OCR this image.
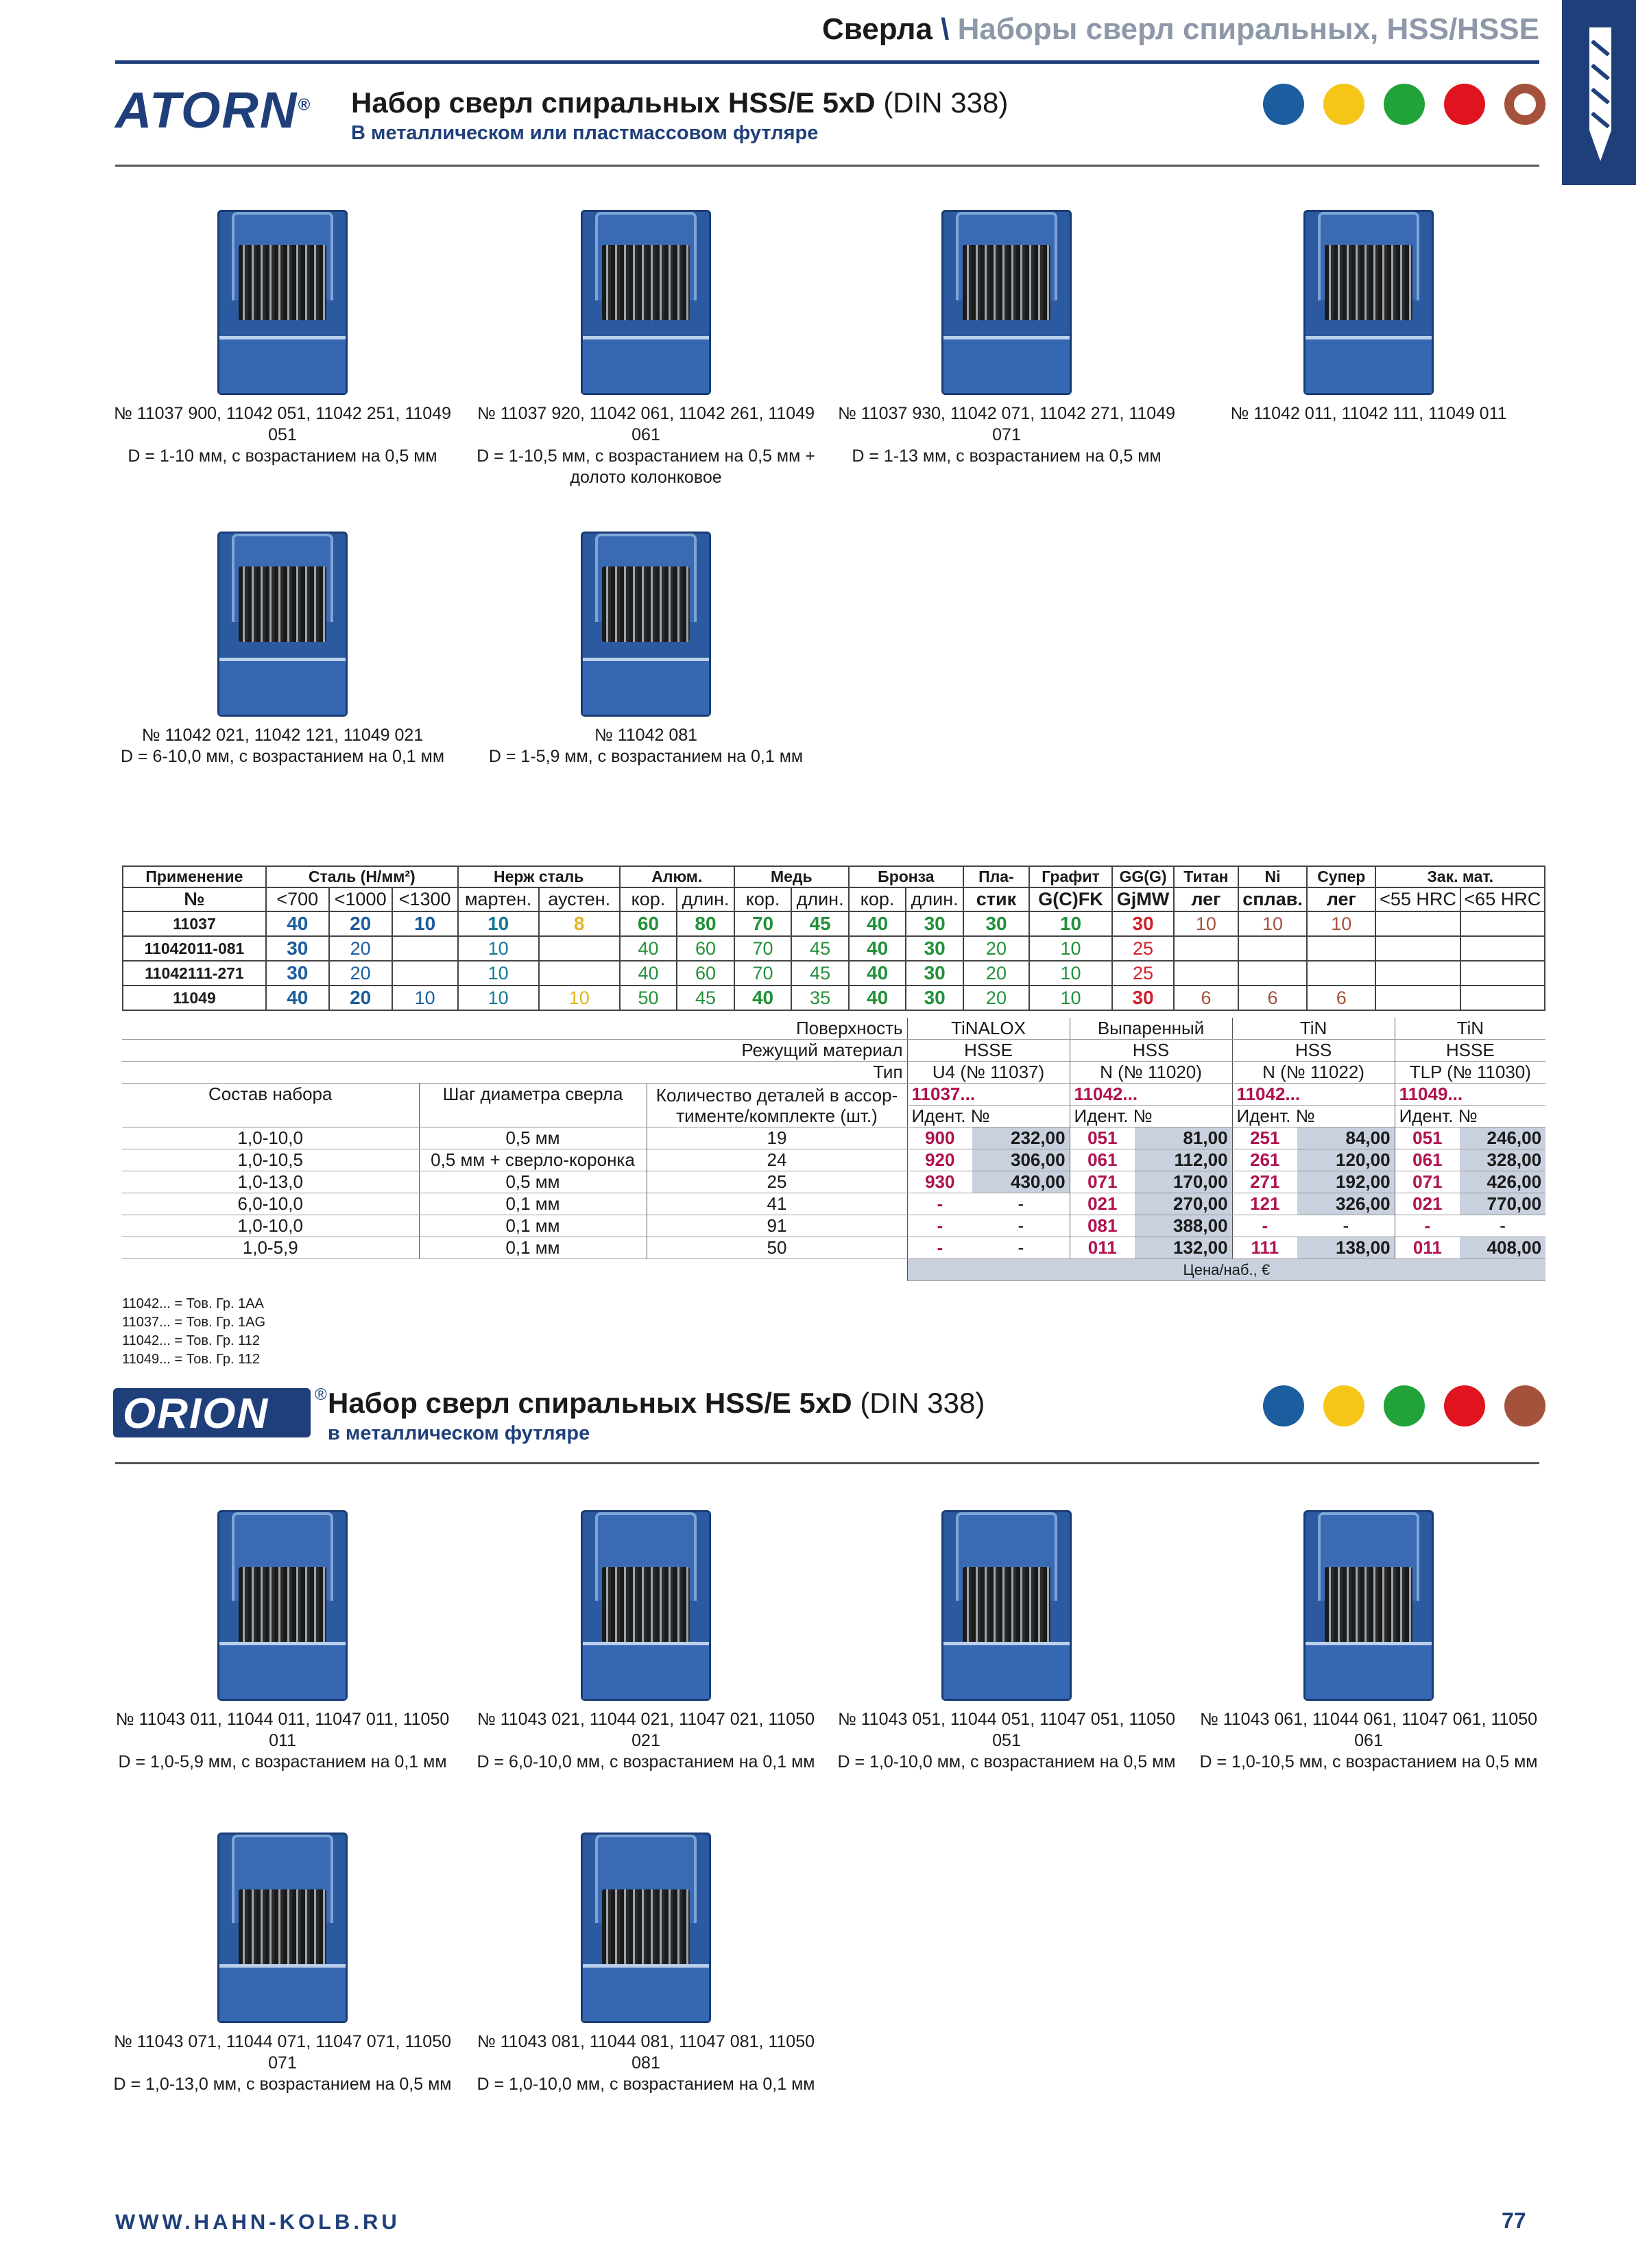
Сверла \ Наборы сверл спиральных, HSS/HSSE
ATORN® Набор сверл спиральных HSS/E 5xD (DIN 338)
В металлическом или пластмассовом футляре
№ 11037 900, 11042 051, 11042 251, 11049 051
D = 1-10 мм, с возрастанием на 0,5 мм
№ 11037 920, 11042 061, 11042 261, 11049 061
D = 1-10,5 мм, с возрастанием на 0,5 мм + долото колонковое
№ 11037 930, 11042 071, 11042 271, 11049 071
D = 1-13 мм, с возрастанием на 0,5 мм
№ 11042 011, 11042 111, 11049 011
№ 11042 021, 11042 121, 11049 021
D = 6-10,0 мм, с возрастанием на 0,1 мм
№ 11042 081
D = 1-5,9 мм, с возрастанием на 0,1 мм
Применение	Сталь (Н/мм²)			Нерж сталь		Алюм.		Медь		Бронза		Пла-	Графит	GG(G)	Титан	Ni	Супер	Зак. мат.	
№	<700	<1000	<1300	мартен.	аустен.	кор.	длин.	кор.	длин.	кор.	длин.	стик	G(C)FK	GjMW	лег	сплав.	лег	<55 HRC	<65 HRC
11037	40	20	10	10	8	60	80	70	45	40	30	30	10	30	10	10	10		
11042011-081	30	20		10		40	60	70	45	40	30	20	10	25					
11042111-271	30	20		10		40	60	70	45	40	30	20	10	25					
11049	40	20	10	10	10	50	45	40	35	40	30	20	10	30	6	6	6		
Поверхность			TiNALOX		Выпаренный		TiN		TiN	
Режущий материал			HSSE		HSS		HSS		HSSE	
Тип			U4 (№ 11037)		N (№ 11020)		N (№ 11022)		TLP (№ 11030)	
Состав набора	Шаг диаметра сверла	Количество деталей в ассор-тименте/комплекте (шт.)	11037...		11042...		11042...		11049...	
			Идент. №		Идент. №		Идент. №		Идент. №	
1,0-10,0	0,5 мм	19	900	232,00	051	81,00	251	84,00	051	246,00
1,0-10,5	0,5 мм + сверло-коронка	24	920	306,00	061	112,00	261	120,00	061	328,00
1,0-13,0	0,5 мм	25	930	430,00	071	170,00	271	192,00	071	426,00
6,0-10,0	0,1 мм	41	-	-	021	270,00	121	326,00	021	770,00
1,0-10,0	0,1 мм	91	-	-	081	388,00	-	-	-	-
1,0-5,9	0,1 мм	50	-	-	011	132,00	111	138,00	011	408,00
			Цена/наб., €							
11042... = Тов. Гр. 1AA
11037... = Тов. Гр. 1AG
11042... = Тов. Гр. 112
11049... = Тов. Гр. 112
ORION	® Набор сверл спиральных HSS/E 5xD (DIN 338)
в металлическом футляре
№ 11043 011, 11044 011, 11047 011, 11050 011
D = 1,0-5,9 мм, с возрастанием на 0,1 мм
№ 11043 021, 11044 021, 11047 021, 11050 021
D = 6,0-10,0 мм, с возрастанием на 0,1 мм
№ 11043 051, 11044 051, 11047 051, 11050 051
D = 1,0-10,0 мм, с возрастанием на 0,5 мм
№ 11043 061, 11044 061, 11047 061, 11050 061
D = 1,0-10,5 мм, с возрастанием на 0,5 мм
№ 11043 071, 11044 071, 11047 071, 11050 071
D = 1,0-13,0 мм, с возрастанием на 0,5 мм
№ 11043 081, 11044 081, 11047 081, 11050 081
D = 1,0-10,0 мм, с возрастанием на 0,1 мм
WWW.HAHN-KOLB.RU	77
